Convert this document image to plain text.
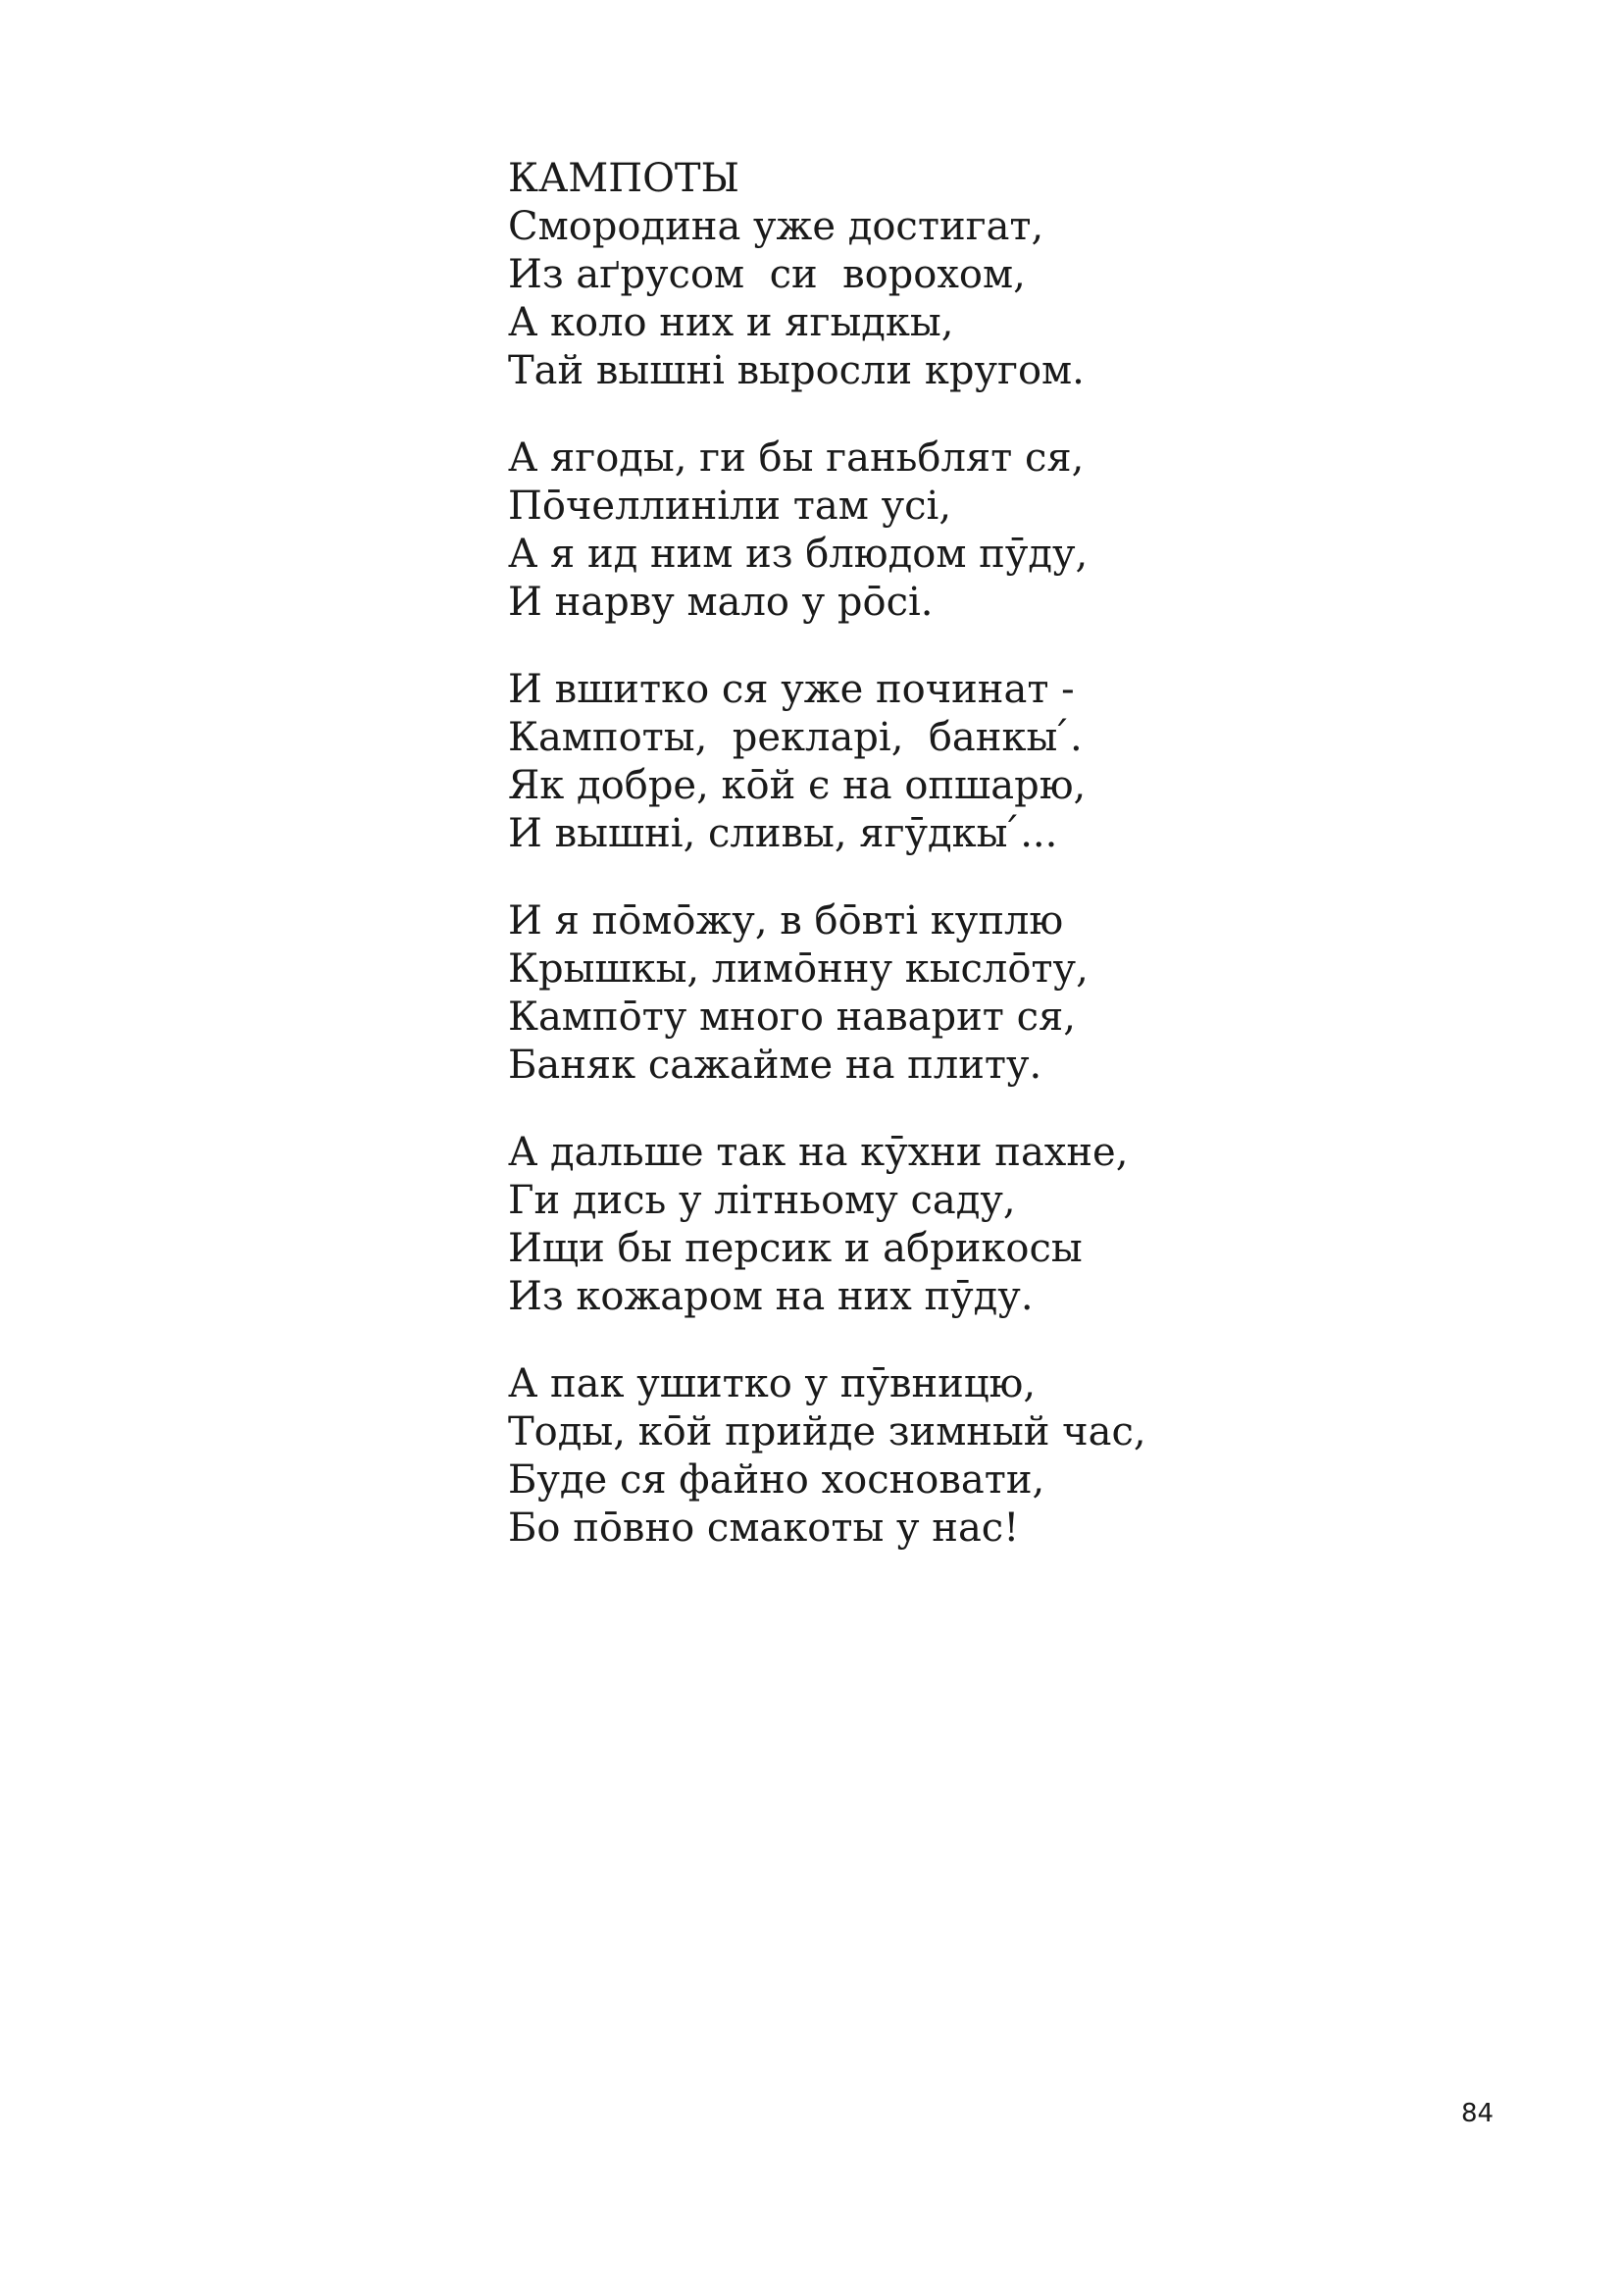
КАМПОТЫ
Смородина уже достигат,
Из аґрусом  си  ворохом,
А коло них и ягыдкы,
Тай вышні выросли кругом.
А ягоды, ги бы ганьблят ся,
По̄челлиніли там усі,
А я ид ним из блюдом пӯду,
И нарву мало у ро̄сі.
И вшитко ся уже починат -
Кампоты,  рекларі,  банкы ́.
Як добре, ко̄й є на опшарю,
И вышні, сливы, ягӯдкы ́...
И я по̄мо̄жу, в бо̄вті куплю
Крышкы, лимо̄нну кысло̄ту,
Кампо̄ту много наварит ся,
Баняк сажайме на плиту.
А дальше так на кӯхни пахне,
Ги дись у літньому саду,
Ищи бы персик и абрикосы
Из кожаром на них пӯду.
А пак ушитко у пӯвницю,
Тоды, ко̄й прийде зимный час,
Буде ся файно хосновати,
Бо по̄вно смакоты у нас!
84
